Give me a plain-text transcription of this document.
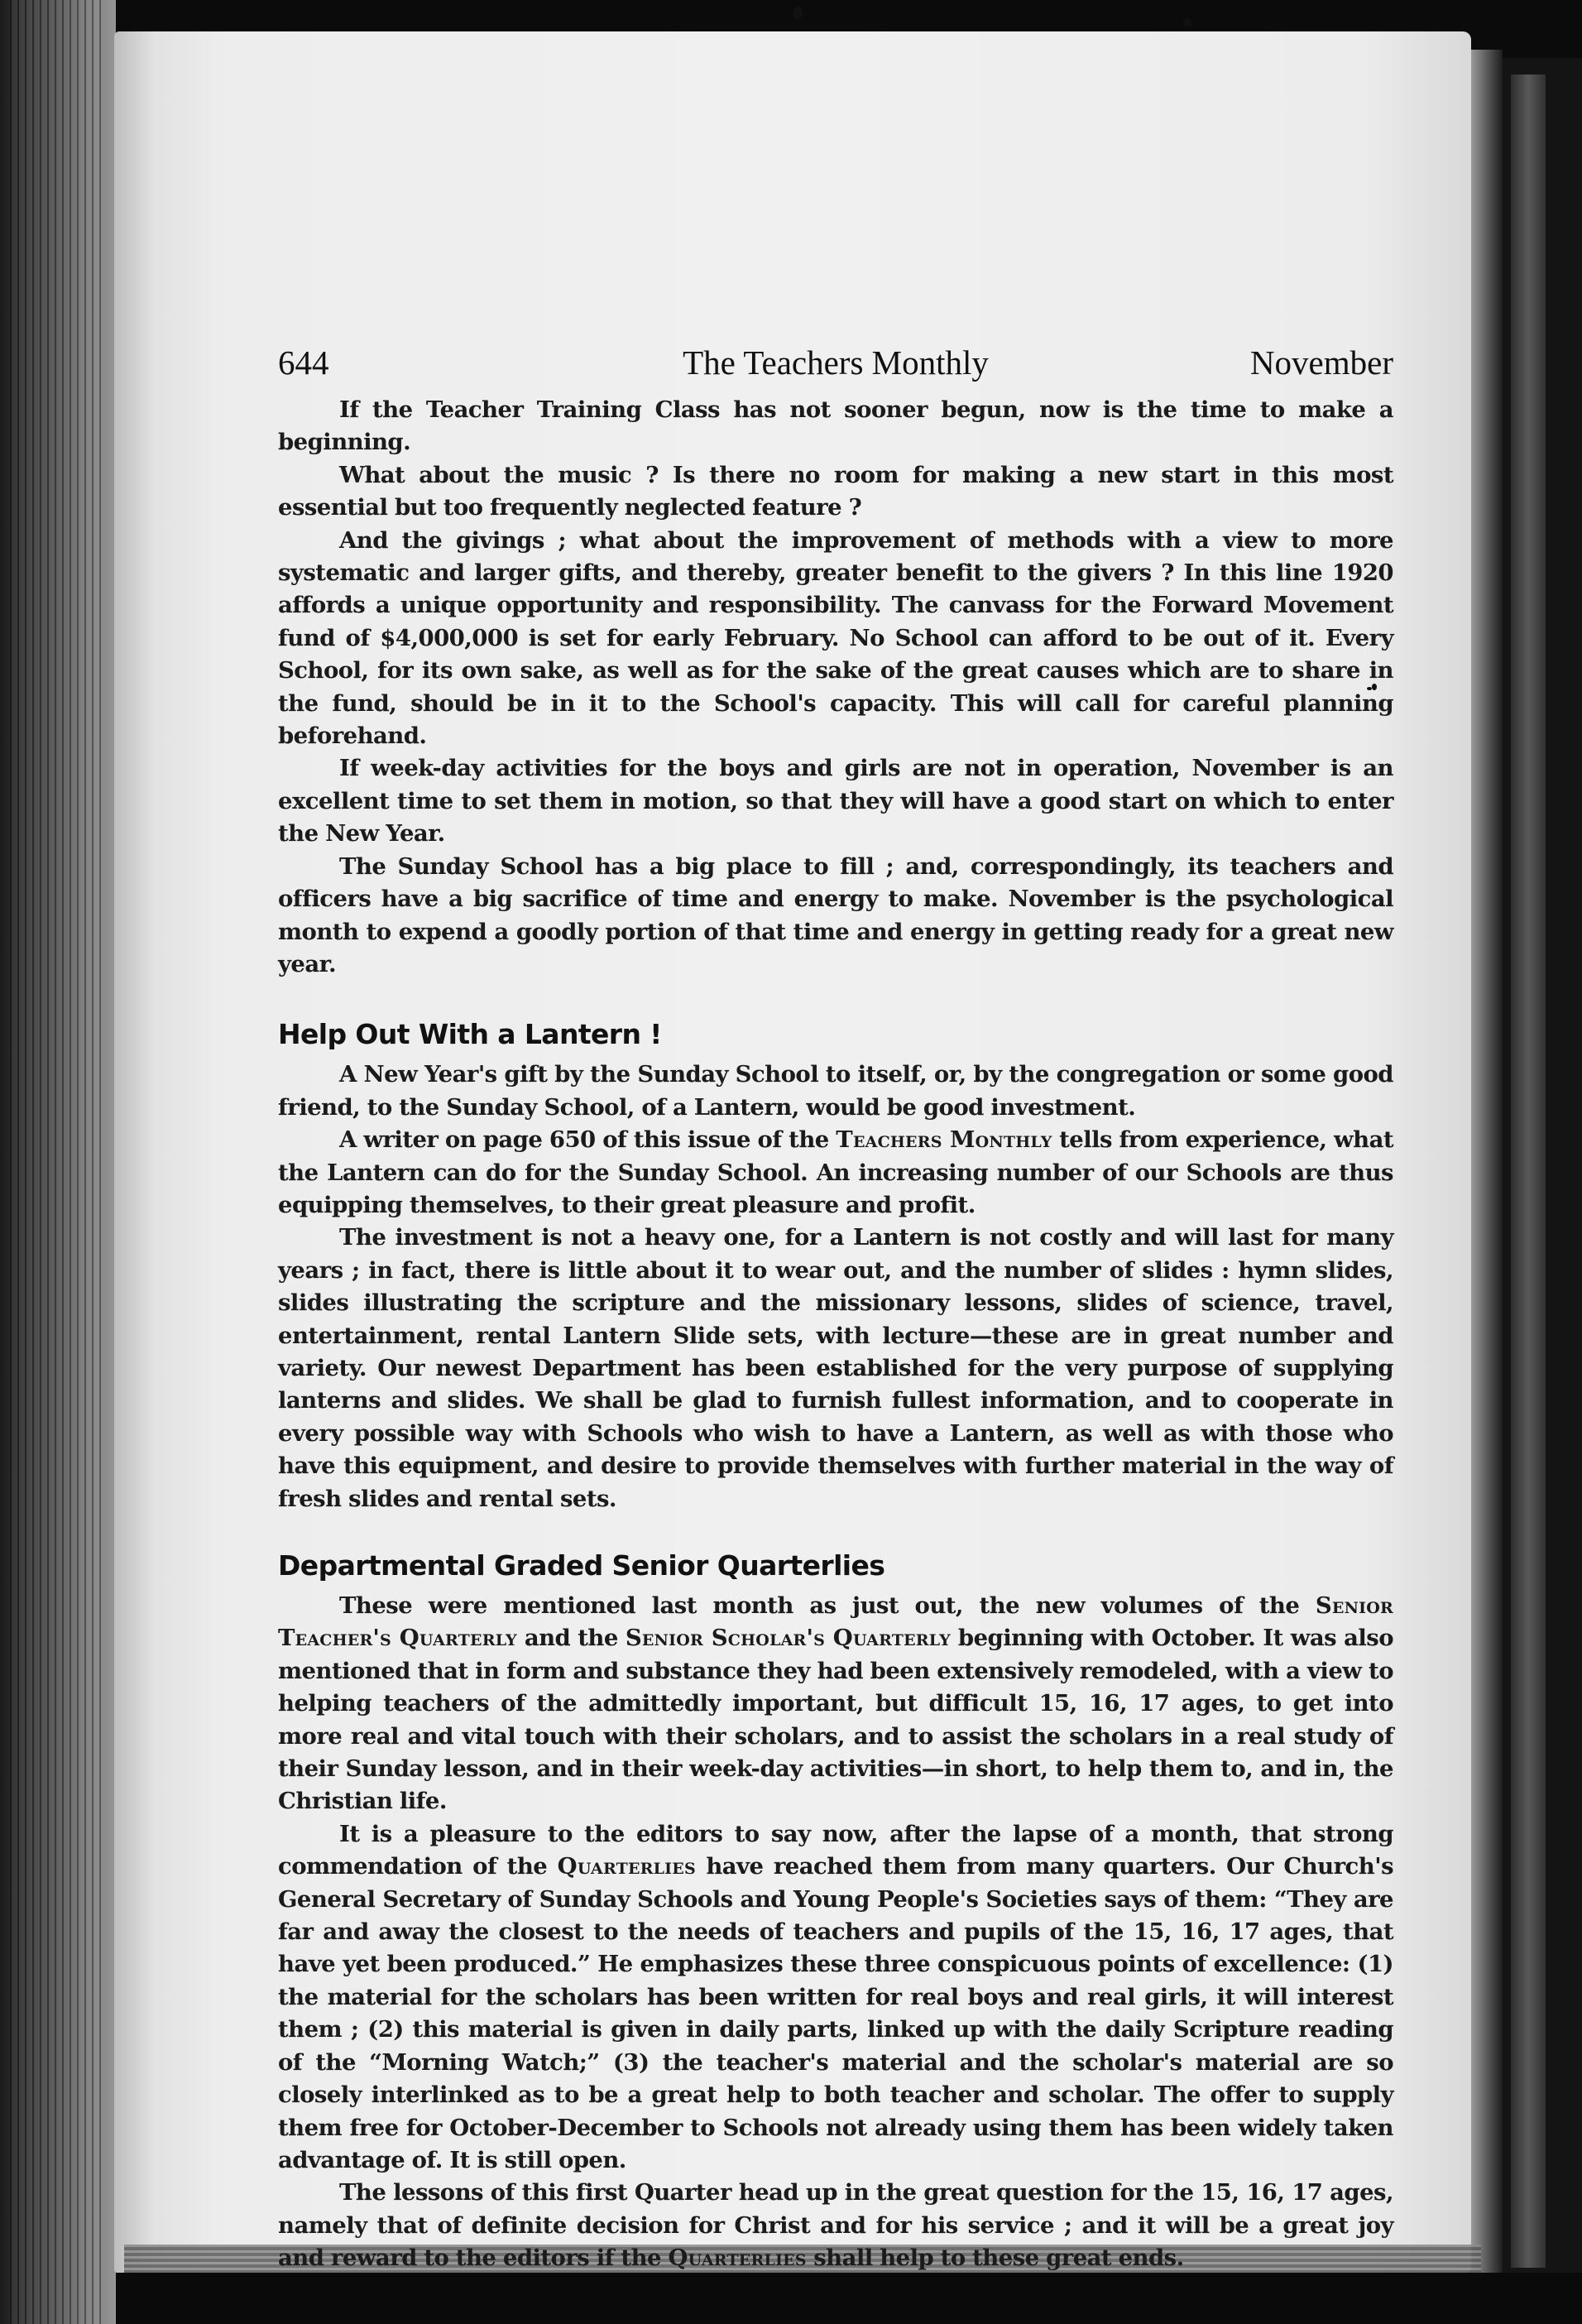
644	The Teachers Monthly	November

If the Teacher Training Class has not sooner begun, now is the time to make a beginning.

What about the music ? Is there no room for making a new start in this most essential but too frequently neglected feature ?

And the givings ; what about the improvement of methods with a view to more systematic and larger gifts, and thereby, greater benefit to the givers ? In this line 1920 affords a unique opportunity and responsibility. The canvass for the Forward Movement fund of $4,000,000 is set for early February. No School can afford to be out of it. Every School, for its own sake, as well as for the sake of the great causes which are to share in the fund, should be in it to the School's capacity. This will call for careful planning beforehand.

If week-day activities for the boys and girls are not in operation, November is an excellent time to set them in motion, so that they will have a good start on which to enter the New Year.

The Sunday School has a big place to fill ; and, correspondingly, its teachers and officers have a big sacrifice of time and energy to make. November is the psychological month to expend a goodly portion of that time and energy in getting ready for a great new year.

Help Out With a Lantern !

A New Year's gift by the Sunday School to itself, or, by the congregation or some good friend, to the Sunday School, of a Lantern, would be good investment.

A writer on page 650 of this issue of the Teachers Monthly tells from experience, what the Lantern can do for the Sunday School. An increasing number of our Schools are thus equipping themselves, to their great pleasure and profit.

The investment is not a heavy one, for a Lantern is not costly and will last for many years ; in fact, there is little about it to wear out, and the number of slides : hymn slides, slides illustrating the scripture and the missionary lessons, slides of science, travel, entertainment, rental Lantern Slide sets, with lecture—these are in great number and variety. Our newest Department has been established for the very purpose of supplying lanterns and slides. We shall be glad to furnish fullest information, and to cooperate in every possible way with Schools who wish to have a Lantern, as well as with those who have this equipment, and desire to provide themselves with further material in the way of fresh slides and rental sets.

Departmental Graded Senior Quarterlies

These were mentioned last month as just out, the new volumes of the Senior Teacher's Quarterly and the Senior Scholar's Quarterly beginning with October. It was also mentioned that in form and substance they had been extensively remodeled, with a view to helping teachers of the admittedly important, but difficult 15, 16, 17 ages, to get into more real and vital touch with their scholars, and to assist the scholars in a real study of their Sunday lesson, and in their week-day activities—in short, to help them to, and in, the Christian life.

It is a pleasure to the editors to say now, after the lapse of a month, that strong commendation of the Quarterlies have reached them from many quarters. Our Church's General Secretary of Sunday Schools and Young People's Societies says of them: “They are far and away the closest to the needs of teachers and pupils of the 15, 16, 17 ages, that have yet been produced.” He emphasizes these three conspicuous points of excellence: (1) the material for the scholars has been written for real boys and real girls, it will interest them ; (2) this material is given in daily parts, linked up with the daily Scripture reading of the “Morning Watch;” (3) the teacher's material and the scholar's material are so closely interlinked as to be a great help to both teacher and scholar. The offer to supply them free for October-December to Schools not already using them has been widely taken advantage of. It is still open.

The lessons of this first Quarter head up in the great question for the 15, 16, 17 ages, namely that of definite decision for Christ and for his service ; and it will be a great joy and reward to the editors if the Quarterlies shall help to these great ends.
